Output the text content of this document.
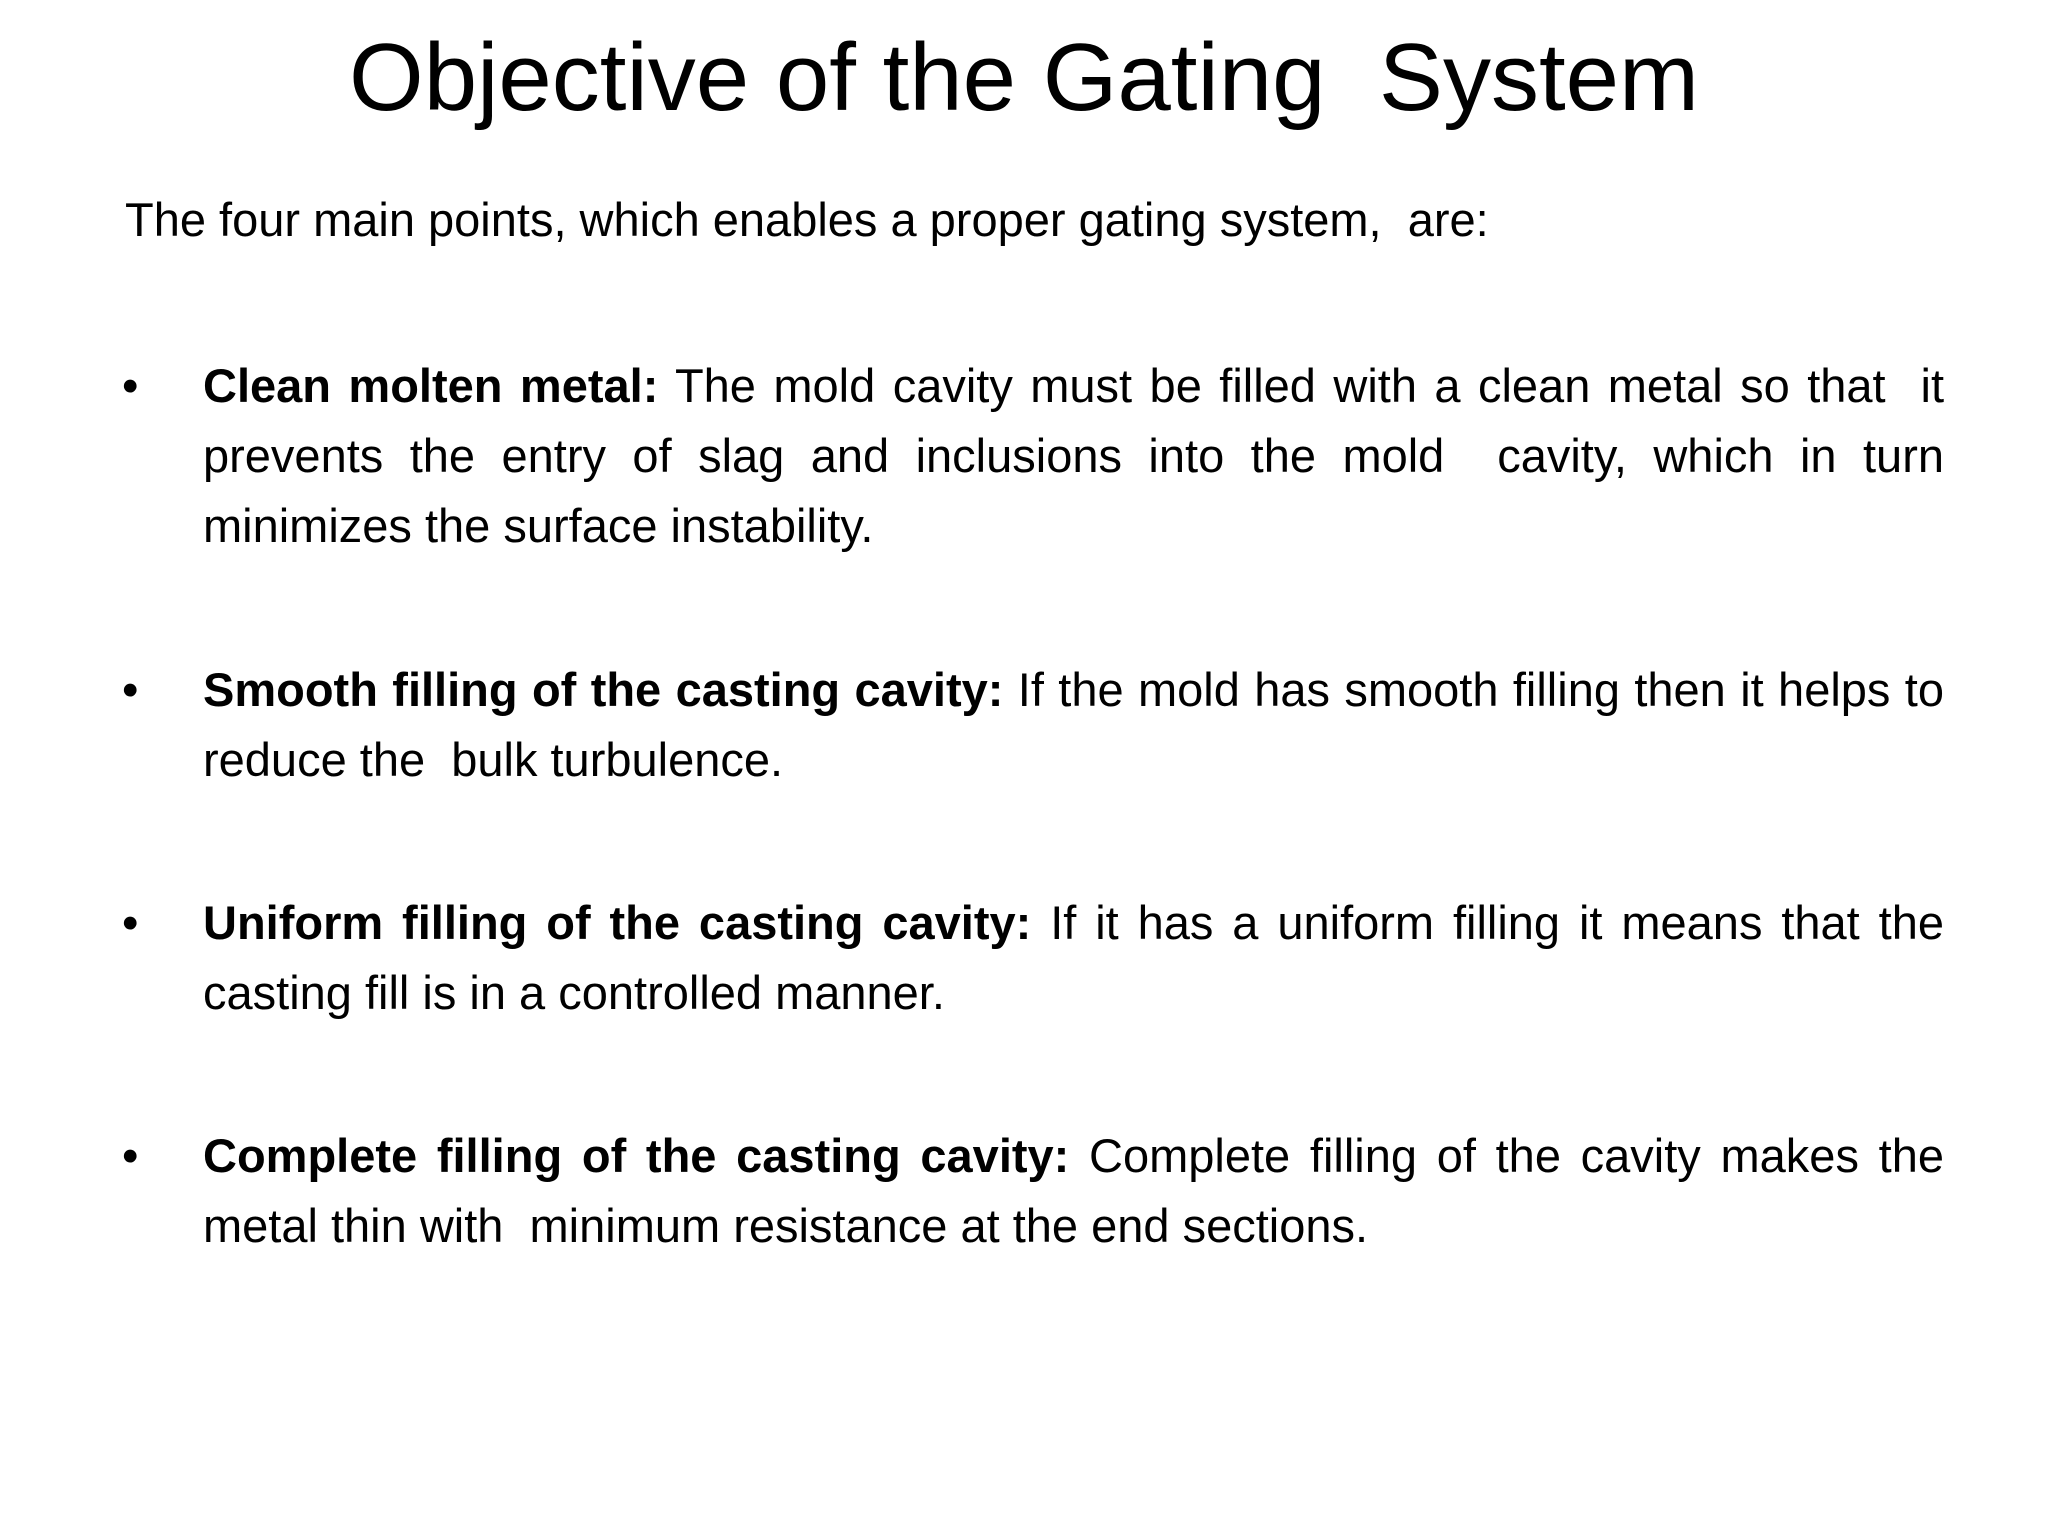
Objective of the Gating  System

The four main points, which enables a proper gating system,  are:

• Clean molten metal: The mold cavity must be filled with a clean metal so that  it prevents the entry of slag and inclusions into the mold  cavity, which in turn minimizes the surface instability.

• Smooth filling of the casting cavity: If the mold has smooth filling then it helps to reduce the  bulk turbulence.

• Uniform filling of the casting cavity: If it has a uniform filling it means that the casting fill is in a controlled manner.

• Complete filling of the casting cavity: Complete filling of the cavity makes the metal thin with  minimum resistance at the end sections.
